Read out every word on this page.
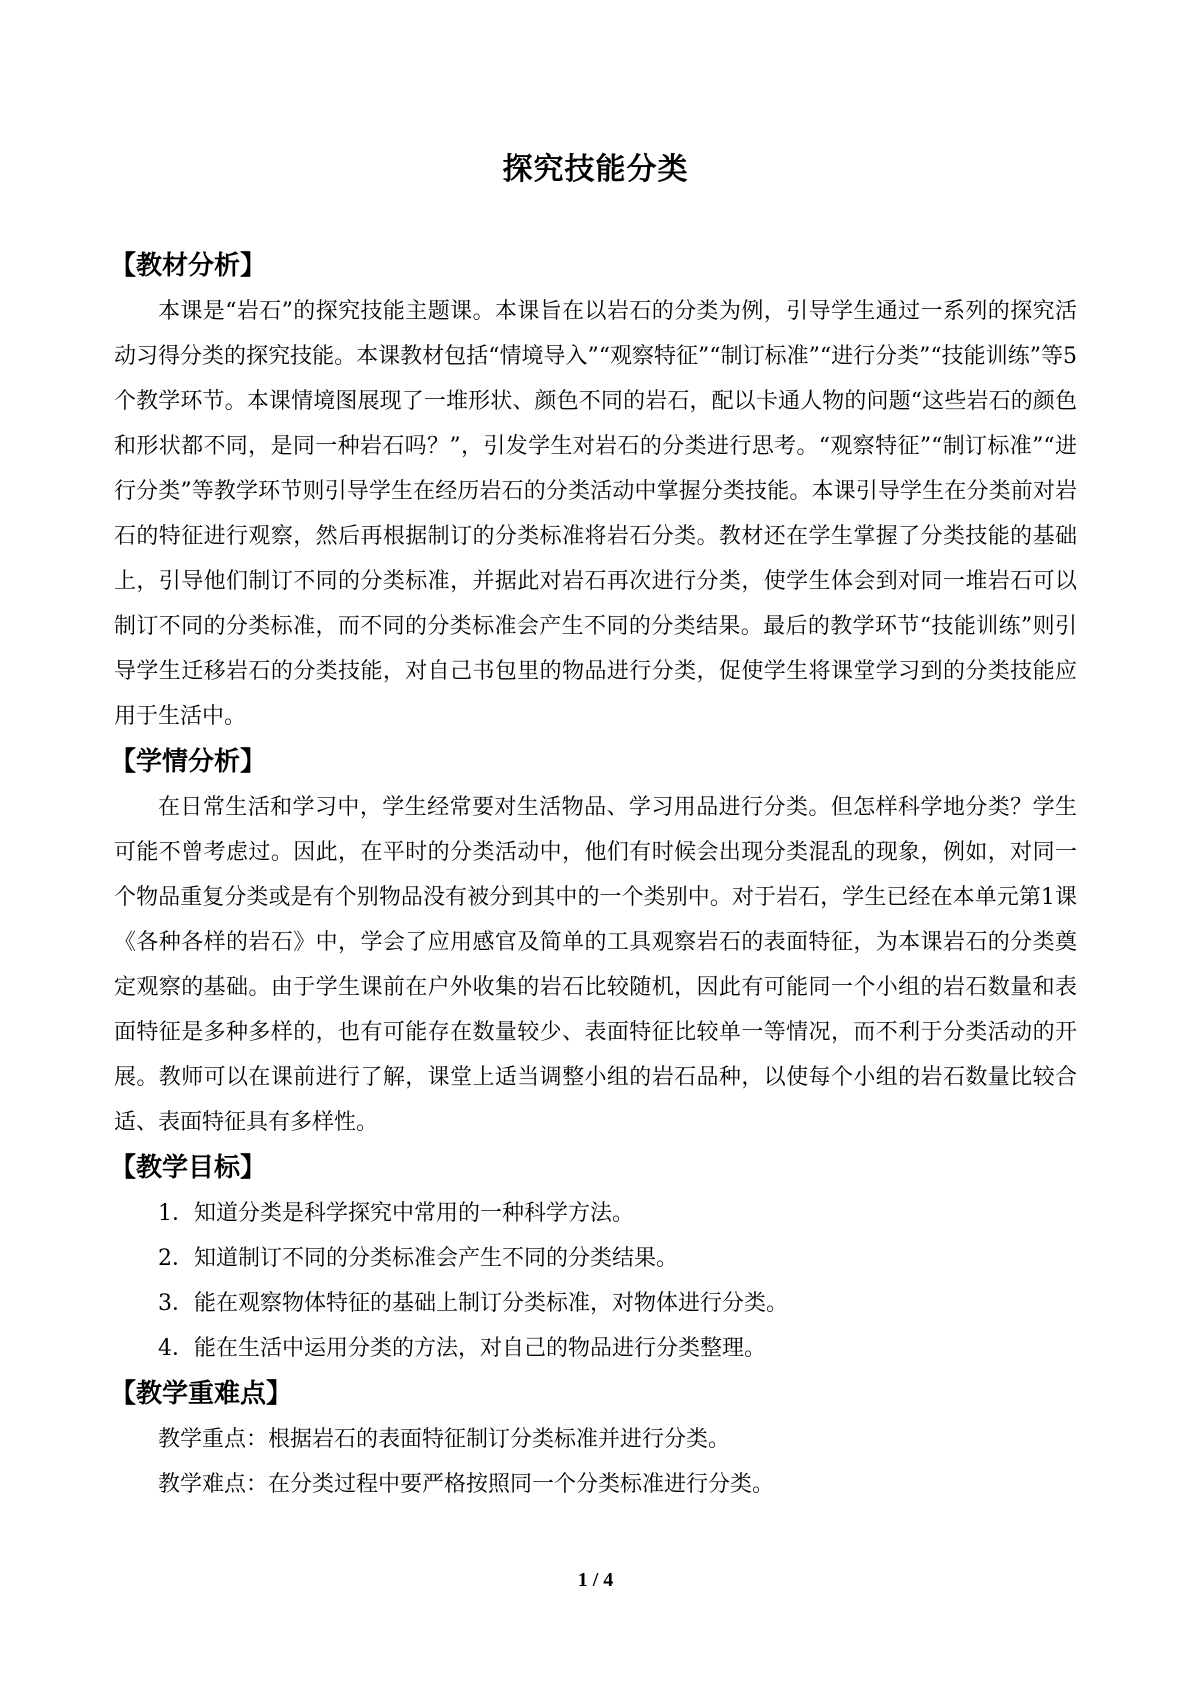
探究技能分类
【教材分析】

本课是“岩石”的探究技能主题课。本课旨在以岩石的分类为例，引导学生通过一系列的探究活动习得分类的探究技能。本课教材包括“情境导入”“观察特征”“制订标准”“进行分类”“技能训练”等5个教学环节。本课情境图展现了一堆形状、颜色不同的岩石，配以卡通人物的问题“这些岩石的颜色和形状都不同，是同一种岩石吗？”，引发学生对岩石的分类进行思考。“观察特征”“制订标准”“进行分类”等教学环节则引导学生在经历岩石的分类活动中掌握分类技能。本课引导学生在分类前对岩石的特征进行观察，然后再根据制订的分类标准将岩石分类。教材还在学生掌握了分类技能的基础上，引导他们制订不同的分类标准，并据此对岩石再次进行分类，使学生体会到对同一堆岩石可以制订不同的分类标准，而不同的分类标准会产生不同的分类结果。最后的教学环节“技能训练”则引导学生迁移岩石的分类技能，对自己书包里的物品进行分类，促使学生将课堂学习到的分类技能应用于生活中。

【学情分析】

在日常生活和学习中，学生经常要对生活物品、学习用品进行分类。但怎样科学地分类？学生可能不曾考虑过。因此，在平时的分类活动中，他们有时候会出现分类混乱的现象，例如，对同一个物品重复分类或是有个别物品没有被分到其中的一个类别中。对于岩石，学生已经在本单元第1课《各种各样的岩石》中，学会了应用感官及简单的工具观察岩石的表面特征，为本课岩石的分类奠定观察的基础。由于学生课前在户外收集的岩石比较随机，因此有可能同一个小组的岩石数量和表面特征是多种多样的，也有可能存在数量较少、表面特征比较单一等情况，而不利于分类活动的开展。教师可以在课前进行了解，课堂上适当调整小组的岩石品种，以使每个小组的岩石数量比较合适、表面特征具有多样性。

【教学目标】

1．知道分类是科学探究中常用的一种科学方法。

2．知道制订不同的分类标准会产生不同的分类结果。

3．能在观察物体特征的基础上制订分类标准，对物体进行分类。

4．能在生活中运用分类的方法，对自己的物品进行分类整理。

【教学重难点】

教学重点：根据岩石的表面特征制订分类标准并进行分类。

教学难点：在分类过程中要严格按照同一个分类标准进行分类。

1 / 4
